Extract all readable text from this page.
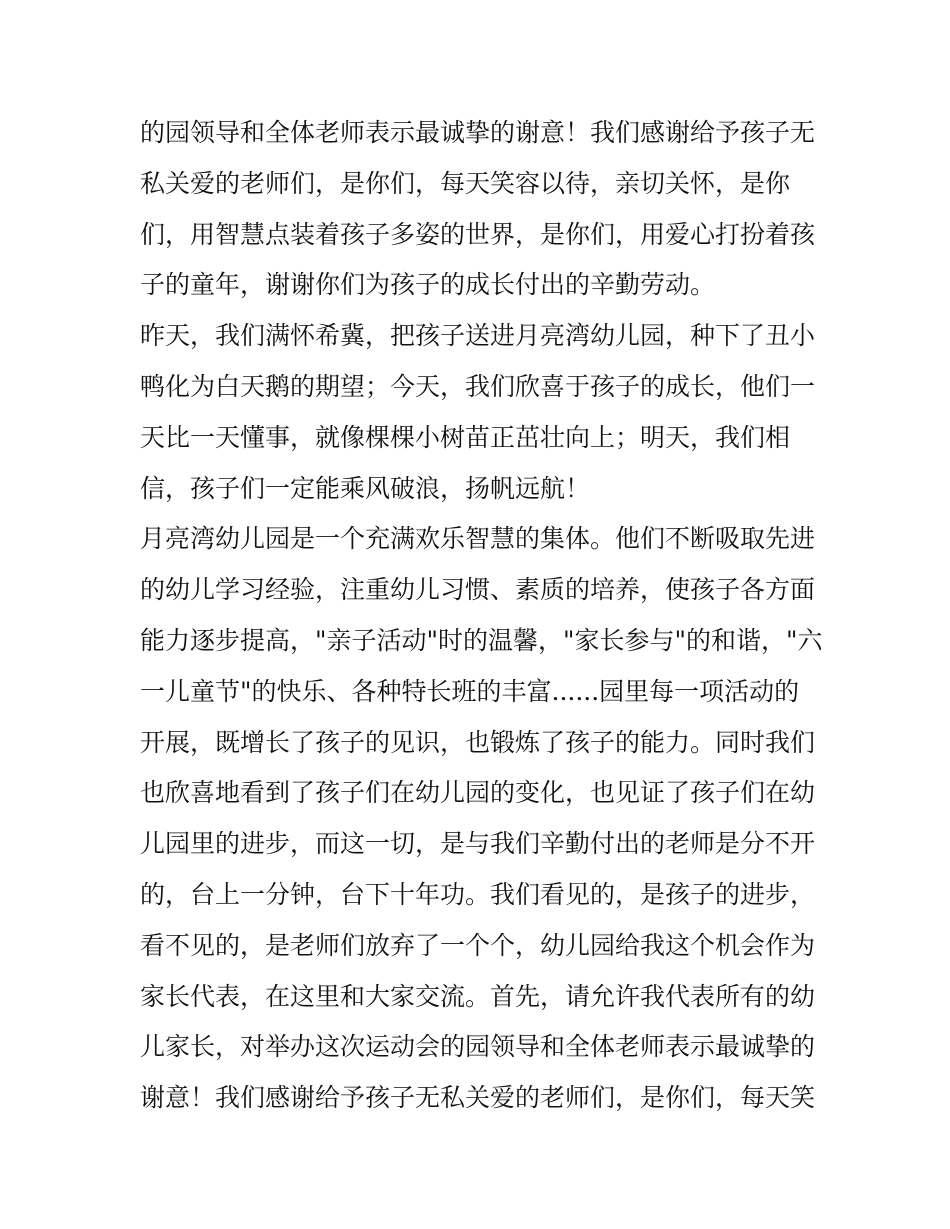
的园领导和全体老师表示最诚挚的谢意！我们感谢给予孩子无
私关爱的老师们，是你们，每天笑容以待，亲切关怀，是你
们，用智慧点装着孩子多姿的世界，是你们，用爱心打扮着孩
子的童年，谢谢你们为孩子的成长付出的辛勤劳动。
昨天，我们满怀希冀，把孩子送进月亮湾幼儿园，种下了丑小
鸭化为白天鹅的期望；今天，我们欣喜于孩子的成长，他们一
天比一天懂事，就像棵棵小树苗正茁壮向上；明天，我们相
信，孩子们一定能乘风破浪，扬帆远航！
月亮湾幼儿园是一个充满欢乐智慧的集体。他们不断吸取先进
的幼儿学习经验，注重幼儿习惯、素质的培养，使孩子各方面
能力逐步提高，"亲子活动"时的温馨，"家长参与"的和谐，"六
一儿童节"的快乐、各种特长班的丰富......园里每一项活动的
开展，既增长了孩子的见识，也锻炼了孩子的能力。同时我们
也欣喜地看到了孩子们在幼儿园的变化，也见证了孩子们在幼
儿园里的进步，而这一切，是与我们辛勤付出的老师是分不开
的，台上一分钟，台下十年功。我们看见的，是孩子的进步，
看不见的，是老师们放弃了一个个，幼儿园给我这个机会作为
家长代表，在这里和大家交流。首先，请允许我代表所有的幼
儿家长，对举办这次运动会的园领导和全体老师表示最诚挚的
谢意！我们感谢给予孩子无私关爱的老师们，是你们，每天笑
